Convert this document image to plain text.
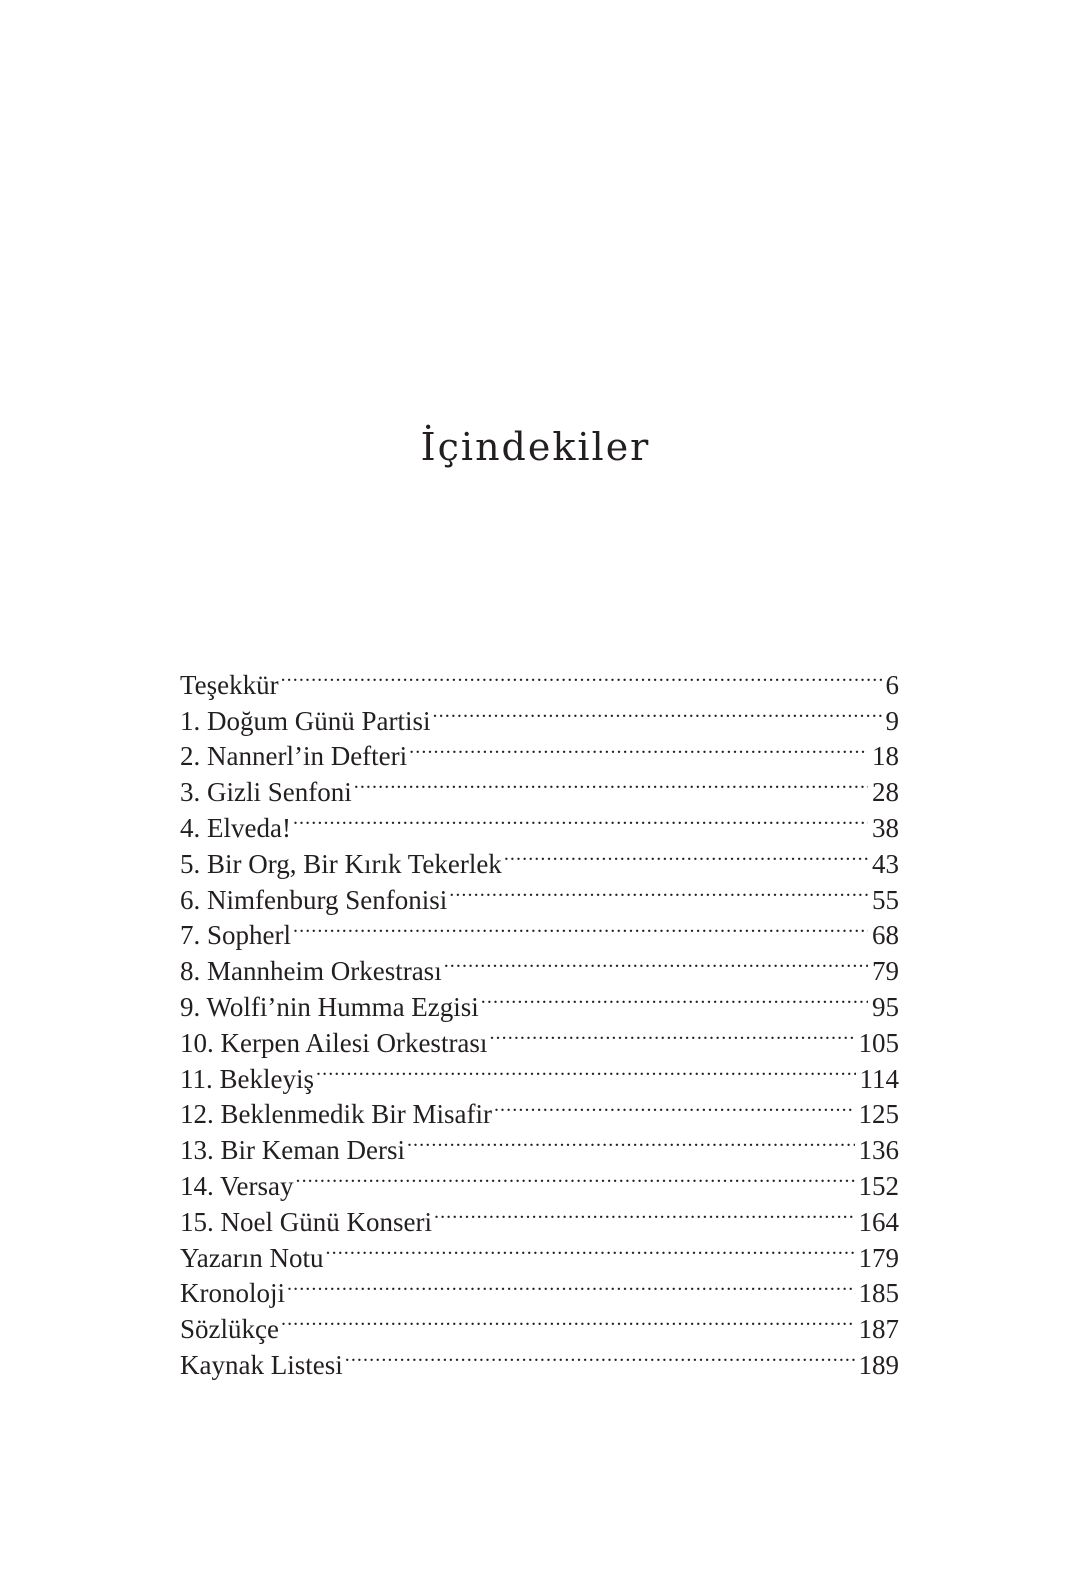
İçindekiler
Teşekkür .....	6
1. Doğum Günü Partisi .....	9
2. Nannerl’in Defteri .....	18
3. Gizli Senfoni .....	28
4. Elveda! .....	38
5. Bir Org, Bir Kırık Tekerlek .....	43
6. Nimfenburg Senfonisi .....	55
7. Sopherl .....	68
8. Mannheim Orkestrası .....	79
9. Wolfi’nin Humma Ezgisi .....	95
10. Kerpen Ailesi Orkestrası .....	105
11. Bekleyiş .....	114
12. Beklenmedik Bir Misafir .....	125
13. Bir Keman Dersi .....	136
14. Versay .....	152
15. Noel Günü Konseri .....	164
Yazarın Notu .....	179
Kronoloji .....	185
Sözlükçe .....	187
Kaynak Listesi .....	189
